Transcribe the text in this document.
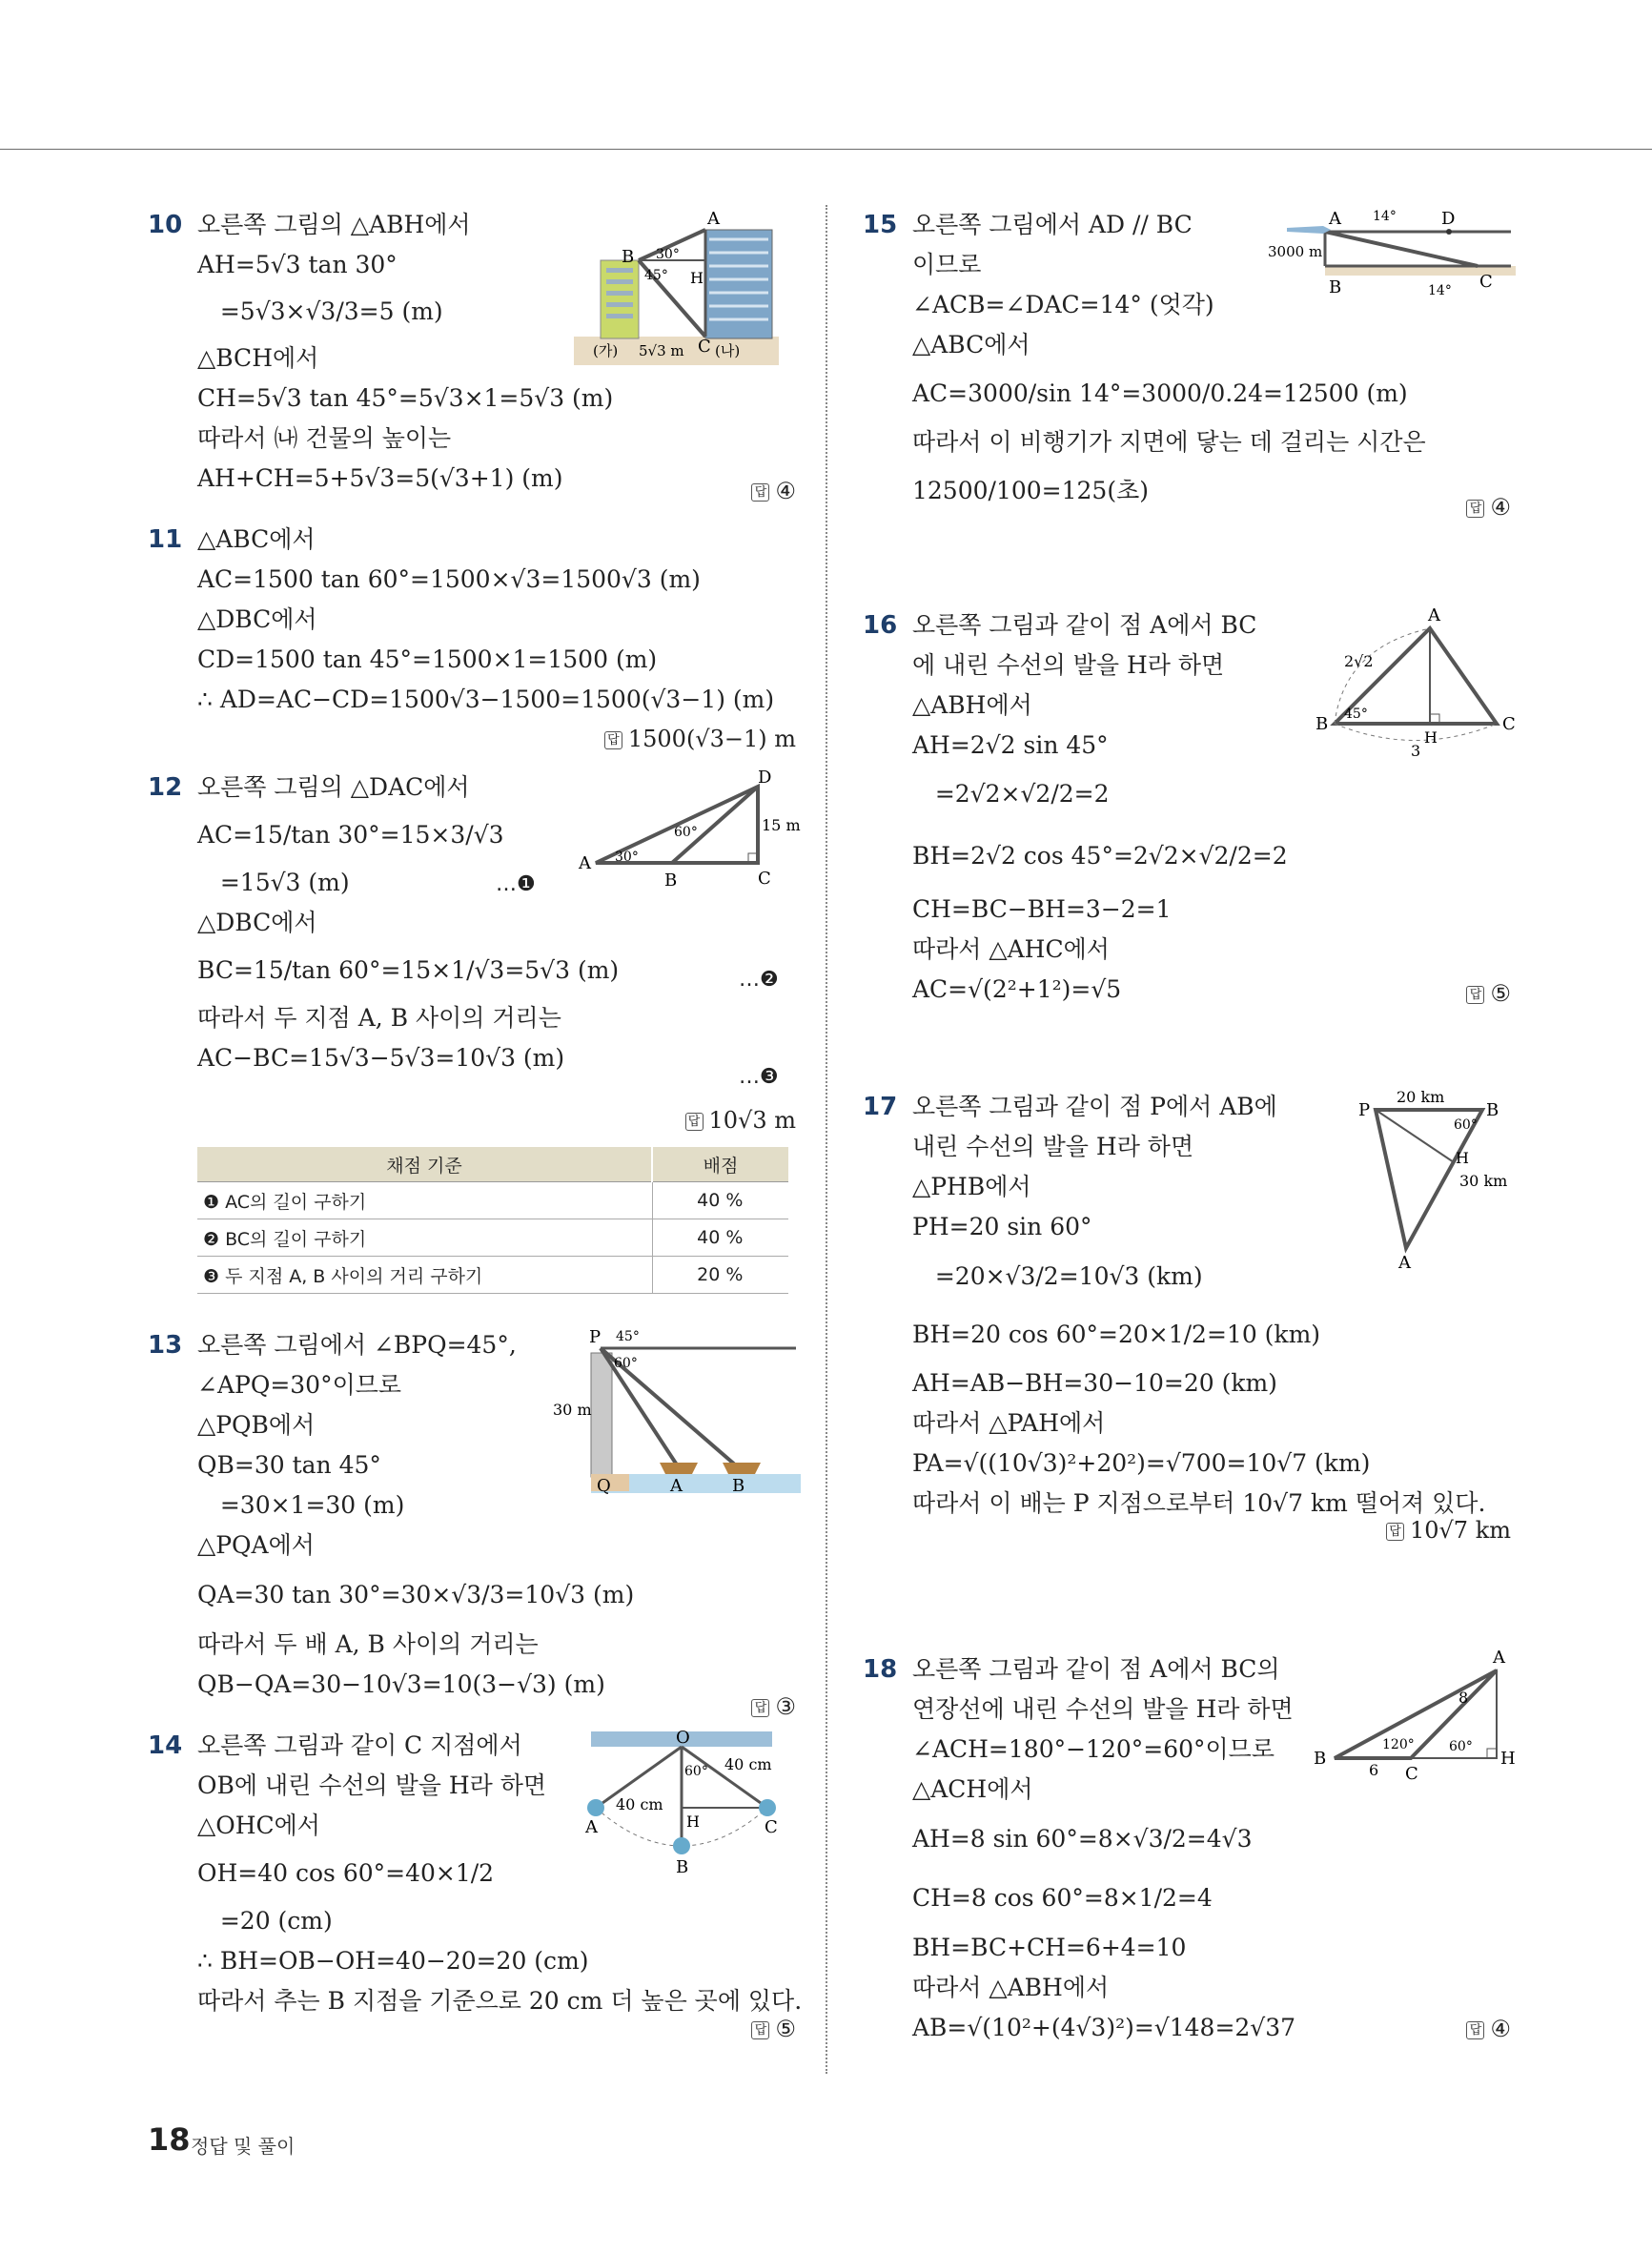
10 오른쪽 그림의 △ABH에서
AH=5√3 tan 30°
=5√3×√3/3=5 (m)
△BCH에서
CH=5√3 tan 45°=5√3×1=5√3 (m)
따라서 ㈏ 건물의 높이는
AH+CH=5+5√3=5(√3+1) (m)
답 ④
A
B
C
H
30°
45°
(가)	(나)
5√3 m
11 △ABC에서
AC=1500 tan 60°=1500×√3=1500√3 (m)
△DBC에서
CD=1500 tan 45°=1500×1=1500 (m)
∴ AD=AC−CD=1500√3−1500=1500(√3−1) (m)
답 1500(√3−1) m
12 오른쪽 그림의 △DAC에서
AC=15/tan 30°=15×3/√3
=15√3 (m)
△DBC에서
BC=15/tan 60°=15×1/√3=5√3 (m)
따라서 두 지점 A, B 사이의 거리는
AC−BC=15√3−5√3=10√3 (m)
…❶
…❷
…❸
답 10√3 m
D
A
B	C
30°
60°	15 m
채점 기준	배점
❶ AC의 길이 구하기	40 %
❷ BC의 길이 구하기	40 %
❸ 두 지점 A, B 사이의 거리 구하기	20 %
13 오른쪽 그림에서 ∠BPQ=45°,
∠APQ=30°이므로
△PQB에서
QB=30 tan 45°
=30×1=30 (m)
△PQA에서
QA=30 tan 30°=30×√3/3=10√3 (m)
따라서 두 배 A, B 사이의 거리는
QB−QA=30−10√3=10(3−√3) (m)
답 ③
P 45°
60°
30 m
Q	A	B
14 오른쪽 그림과 같이 C 지점에서
OB에 내린 수선의 발을 H라 하면
△OHC에서
OH=40 cos 60°=40×1/2
=20 (cm)
∴ BH=OB−OH=40−20=20 (cm)
따라서 추는 B 지점을 기준으로 20 cm 더 높은 곳에 있다.
답 ⑤
O
A
B
C
H
60°
40 cm
40 cm
15 오른쪽 그림에서 AD // BC
이므로
∠ACB=∠DAC=14° (엇각)
△ABC에서
AC=3000/sin 14°=3000/0.24=12500 (m)
따라서 이 비행기가 지면에 닿는 데 걸리는 시간은
12500/100=125(초)
답 ④
A	D
B	C
14°
14°
3000 m
16 오른쪽 그림과 같이 점 A에서 BC
에 내린 수선의 발을 H라 하면
△ABH에서
AH=2√2 sin 45°
=2√2×√2/2=2
BH=2√2 cos 45°=2√2×√2/2=2
CH=BC−BH=3−2=1
따라서 △AHC에서
AC=√(2²+1²)=√5	답 ⑤
A
B	C
H
45°
2√2
3
17 오른쪽 그림과 같이 점 P에서 AB에
내린 수선의 발을 H라 하면
△PHB에서
PH=20 sin 60°
=20×√3/2=10√3 (km)
BH=20 cos 60°=20×1/2=10 (km)
AH=AB−BH=30−10=20 (km)
따라서 △PAH에서
PA=√((10√3)²+20²)=√700=10√7 (km)
따라서 이 배는 P 지점으로부터 10√7 km 떨어져 있다.
답 10√7 km
P	B
H
A
60°
20 km
30 km
18 오른쪽 그림과 같이 점 A에서 BC의
연장선에 내린 수선의 발을 H라 하면
∠ACH=180°−120°=60°이므로
△ACH에서
AH=8 sin 60°=8×√3/2=4√3
CH=8 cos 60°=8×1/2=4
BH=BC+CH=6+4=10
따라서 △ABH에서
AB=√(10²+(4√3)²)=√148=2√37	답 ④
A
B
C
H
120°	60°
8
6
18 정답 및 풀이
